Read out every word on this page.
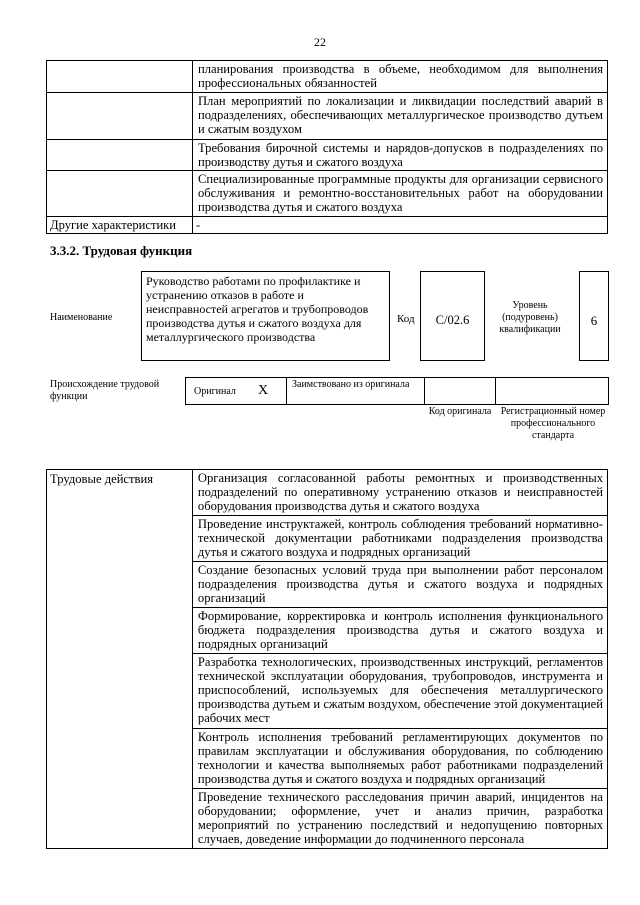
22
	планирования производства в объеме, необходимом для выполнения профессиональных обязанностей
	План мероприятий по локализации и ликвидации последствий аварий в подразделениях, обеспечивающих металлургическое производство дутьем и сжатым воздухом
	Требования бирочной системы и нарядов-допусков в подразделениях по производству дутья и сжатого воздуха
	Специализированные программные продукты для организации сервисного обслуживания и ремонтно-восстановительных работ на оборудовании производства дутья и сжатого воздуха
Другие характеристики	-
3.3.2. Трудовая функция
Наименование
Руководство работами по профилактике и устранению отказов в работе и неисправностей агрегатов и трубопроводов производства дутья и сжатого воздуха для металлургического производства
Код	C/02.6
Уровень (подуровень) квалификации
6
Происхождение трудовой функции	Оригинал X Заимствовано из оригинала
Код оригинала Регистрационный номер профессионального стандарта
Трудовые действия	Организация согласованной работы ремонтных и производственных подразделений по оперативному устранению отказов и неисправностей оборудования производства дутья и сжатого воздуха
Проведение инструктажей, контроль соблюдения требований нормативно-технической документации работниками подразделения производства дутья и сжатого воздуха и подрядных организаций
Создание безопасных условий труда при выполнении работ персоналом подразделения производства дутья и сжатого воздуха и подрядных организаций
Формирование, корректировка и контроль исполнения функционального бюджета подразделения производства дутья и сжатого воздуха и подрядных организаций
Разработка технологических, производственных инструкций, регламентов технической эксплуатации оборудования, трубопроводов, инструмента и приспособлений, используемых для обеспечения металлургического производства дутьем и сжатым воздухом, обеспечение этой документацией рабочих мест
Контроль исполнения требований регламентирующих документов по правилам эксплуатации и обслуживания оборудования, по соблюдению технологии и качества выполняемых работ работниками подразделений производства дутья и сжатого воздуха и подрядных организаций
Проведение технического расследования причин аварий, инцидентов на оборудовании; оформление, учет и анализ причин, разработка мероприятий по устранению последствий и недопущению повторных случаев, доведение информации до подчиненного персонала
